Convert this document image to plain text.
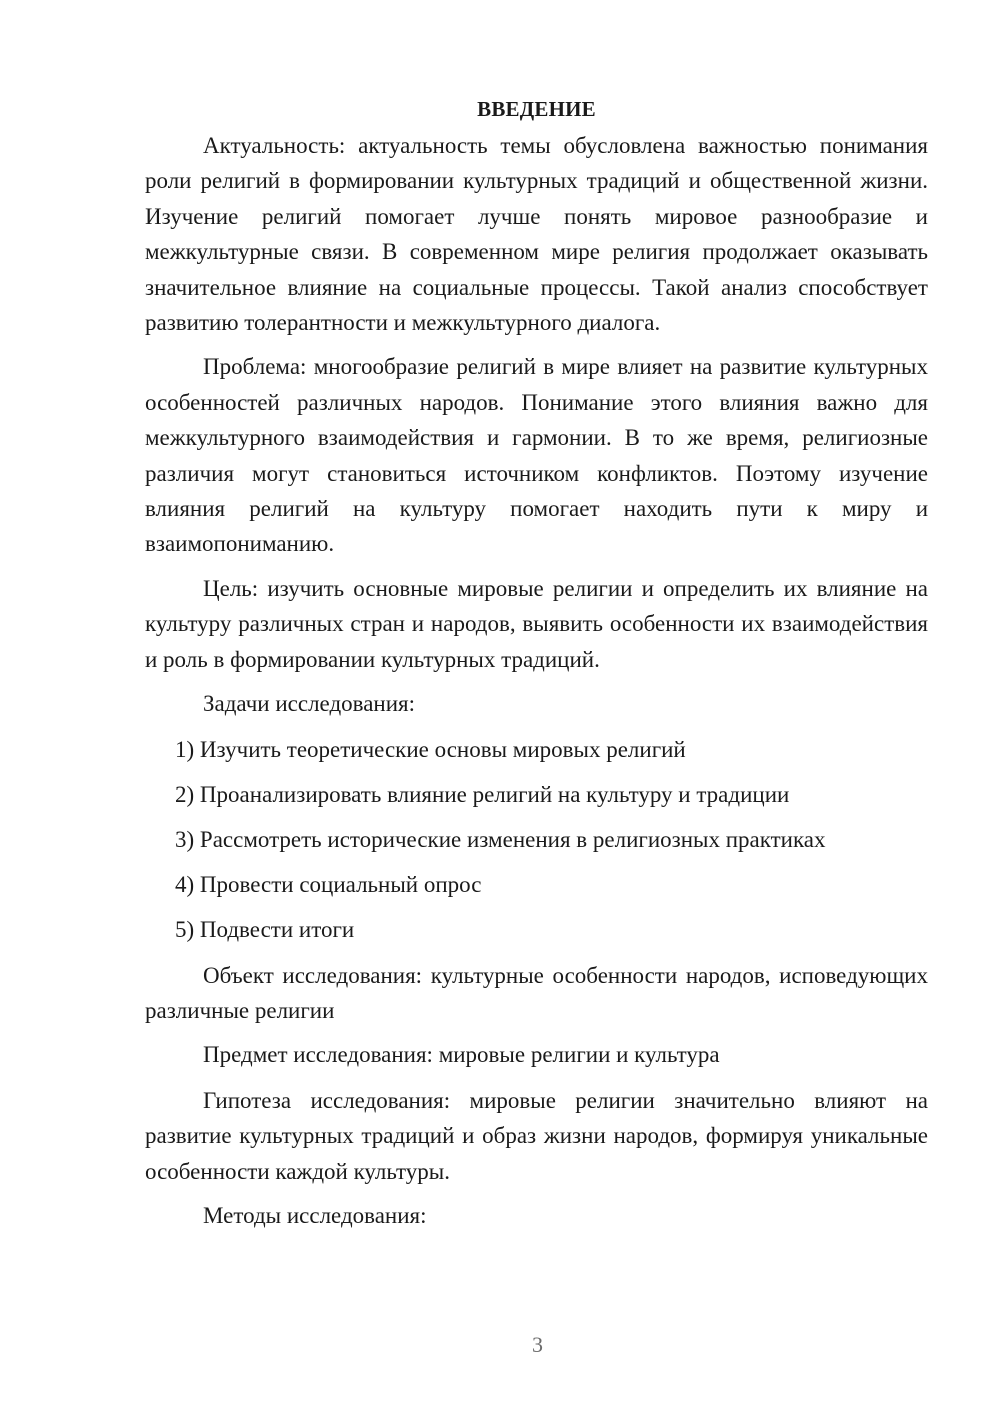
ВВЕДЕНИЕ

Актуальность: актуальность темы обусловлена важностью понимания роли религий в формировании культурных традиций и общественной жизни. Изучение религий помогает лучше понять мировое разнообразие и межкультурные связи. В современном мире религия продолжает оказывать значительное влияние на социальные процессы. Такой анализ способствует развитию толерантности и межкультурного диалога.

Проблема: многообразие религий в мире влияет на развитие культурных особенностей различных народов. Понимание этого влияния важно для межкультурного взаимодействия и гармонии. В то же время, религиозные различия могут становиться источником конфликтов. Поэтому изучение влияния религий на культуру помогает находить пути к миру и взаимопониманию.

Цель: изучить основные мировые религии и определить их влияние на культуру различных стран и народов, выявить особенности их взаимодействия и роль в формировании культурных традиций.

Задачи исследования:

1) Изучить теоретические основы мировых религий
2) Проанализировать влияние религий на культуру и традиции
3) Рассмотреть исторические изменения в религиозных практиках
4) Провести социальный опрос
5) Подвести итоги

Объект исследования: культурные особенности народов, исповедующих различные религии

Предмет исследования: мировые религии и культура

Гипотеза исследования: мировые религии значительно влияют на развитие культурных традиций и образ жизни народов, формируя уникальные особенности каждой культуры.

Методы исследования:

3
